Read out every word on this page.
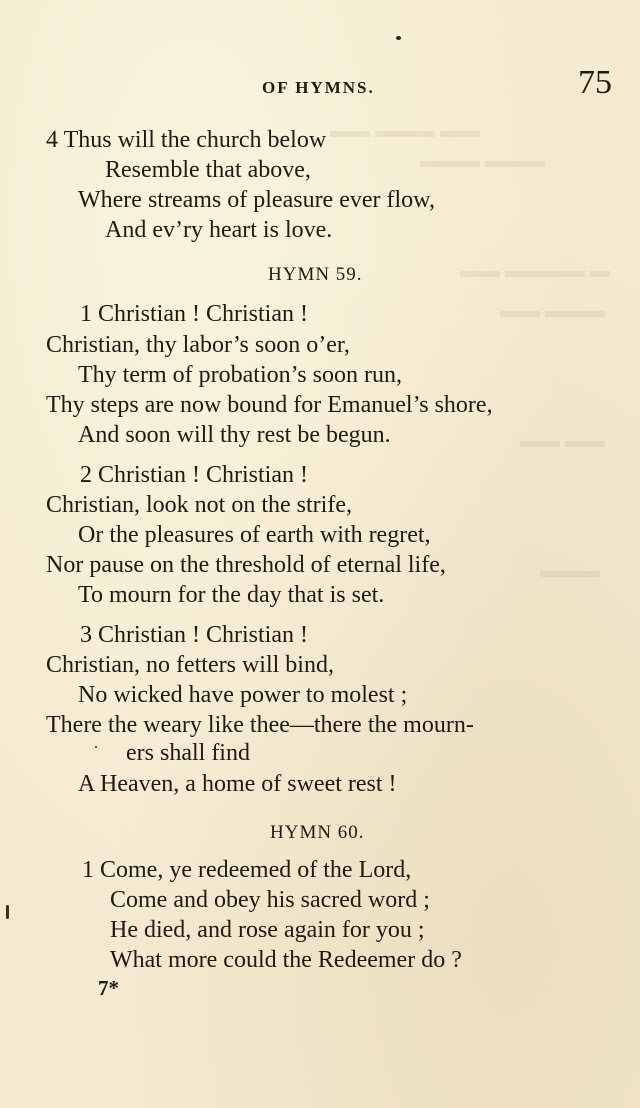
▬▬ ▬▬▬ ▬▬
▬▬▬ ▬▬▬
▬ ▬▬▬▬ ▬▬
▬▬▬ ▬▬
▬▬ ▬▬
▬▬▬
OF HYMNS.	75
4 Thus will the church below
Resemble that above,
Where streams of pleasure ever flow,
And ev’ry heart is love.
HYMN 59.
1 Christian ! Christian !
Christian, thy labor’s soon o’er,
Thy term of probation’s soon run,
Thy steps are now bound for Emanuel’s shore,
And soon will thy rest be begun.
2 Christian ! Christian !
Christian, look not on the strife,
Or the pleasures of earth with regret,
Nor pause on the threshold of eternal life,
To mourn for the day that is set.
3 Christian ! Christian !
Christian, no fetters will bind,
No wicked have power to molest ;
There the weary like thee—there the mourn-
ers shall find
A Heaven, a home of sweet rest !
HYMN 60.
1 Come, ye redeemed of the Lord,
Come and obey his sacred word ;
He died, and rose again for you ;
What more could the Redeemer do ?
7*
